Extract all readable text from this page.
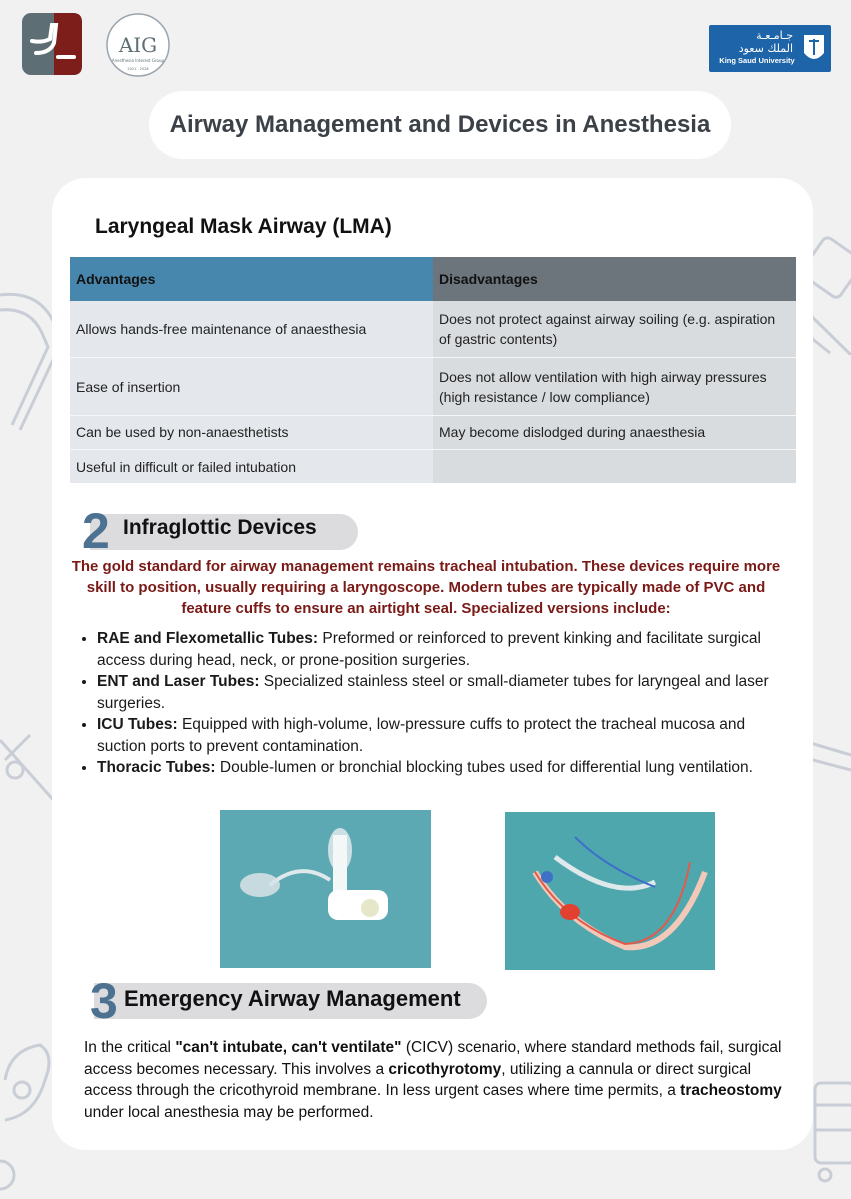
AIG
Anesthesia Interest Group
2021 · 2026
جـامـعـة
الملك سعود
King Saud University
Airway Management and Devices in Anesthesia
Laryngeal Mask Airway (LMA)
Advantages	Disadvantages
Allows hands-free maintenance of anaesthesia	Does not protect against airway soiling (e.g. aspiration of gastric contents)
Ease of insertion	Does not allow ventilation with high airway pressures (high resistance / low compliance)
Can be used by non-anaesthetists	May become dislodged during anaesthesia
Useful in difficult or failed intubation	
2 Infraglottic Devices
The gold standard for airway management remains tracheal intubation. These devices require more skill to position, usually requiring a laryngoscope. Modern tubes are typically made of PVC and feature cuffs to ensure an airtight seal. Specialized versions include:
• RAE and Flexometallic Tubes: Preformed or reinforced to prevent kinking and facilitate surgical access during head, neck, or prone-position surgeries.
• ENT and Laser Tubes: Specialized stainless steel or small-diameter tubes for laryngeal and laser surgeries.
• ICU Tubes: Equipped with high-volume, low-pressure cuffs to protect the tracheal mucosa and suction ports to prevent contamination.
• Thoracic Tubes: Double-lumen or bronchial blocking tubes used for differential lung ventilation.
3 Emergency Airway Management
In the critical "can't intubate, can't ventilate" (CICV) scenario, where standard methods fail, surgical access becomes necessary. This involves a cricothyrotomy, utilizing a cannula or direct surgical access through the cricothyroid membrane. In less urgent cases where time permits, a tracheostomy under local anesthesia may be performed.
